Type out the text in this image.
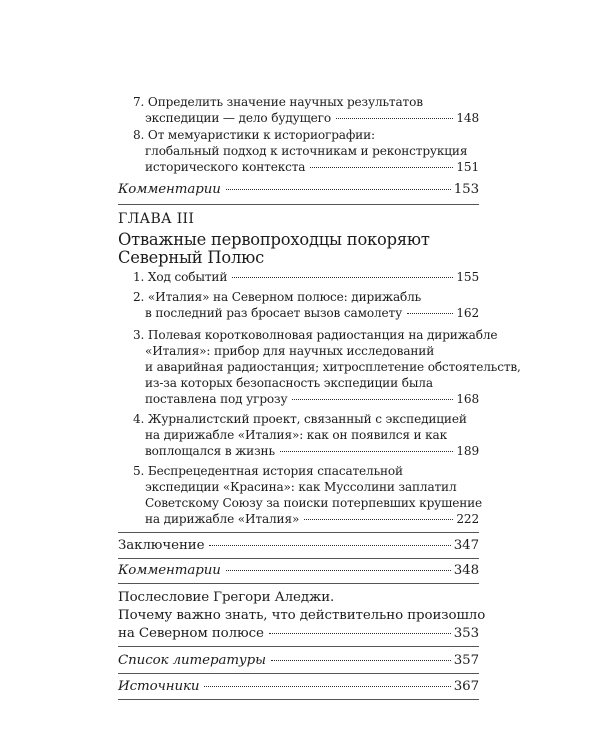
7. Определить значение научных результатов
экспедиции — дело будущего	148
8. От мемуаристики к историографии:
глобальный подход к источникам и реконструкция
исторического контекста	151
Комментарии	153
ГЛАВА III
Отважные первопроходцы покоряют
Северный Полюс
1. Ход событий	155
2. «Италия» на Северном полюсе: дирижабль
в последний раз бросает вызов самолету	162
3. Полевая коротковолновая радиостанция на дирижабле
«Италия»: прибор для научных исследований
и аварийная радиостанция; хитросплетение обстоятельств,
из-за которых безопасность экспедиции была
поставлена под угрозу	168
4. Журналистский проект, связанный с экспедицией
на дирижабле «Италия»: как он появился и как
воплощался в жизнь	189
5. Беспрецедентная история спасательной
экспедиции «Красина»: как Муссолини заплатил
Советскому Союзу за поиски потерпевших крушение
на дирижабле «Италия»	222
Заключение	347
Комментарии	348
Послесловие Грегори Аледжи.
Почему важно знать, что действительно произошло
на Северном полюсе	353
Список литературы	357
Источники	367
